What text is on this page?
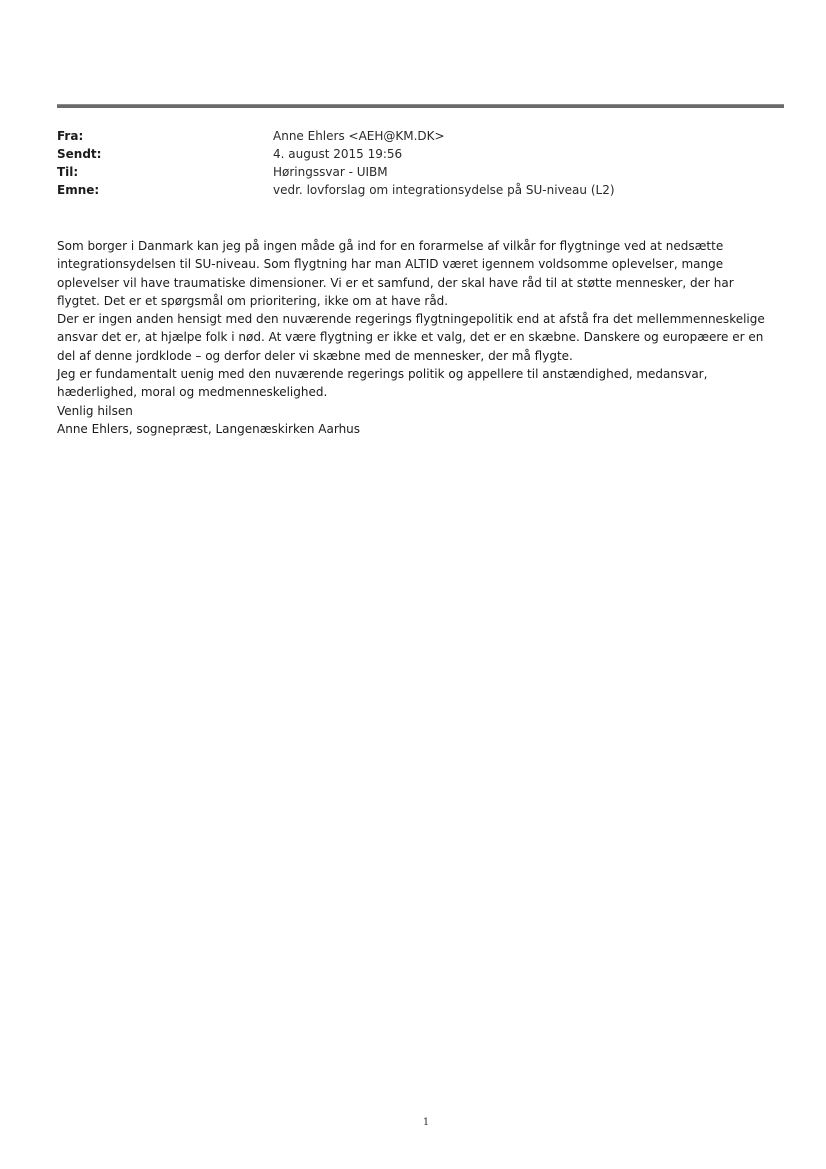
Fra:	Anne Ehlers <AEH@KM.DK>
Sendt:	4. august 2015 19:56
Til:	Høringssvar - UIBM
Emne:	vedr. lovforslag om integrationsydelse på SU-niveau (L2)

Som borger i Danmark kan jeg på ingen måde gå ind for en forarmelse af vilkår for flygtninge ved at nedsætte
integrationsydelsen til SU-niveau. Som flygtning har man ALTID været igennem voldsomme oplevelser, mange
oplevelser vil have traumatiske dimensioner. Vi er et samfund, der skal have råd til at støtte mennesker, der har
flygtet. Det er et spørgsmål om prioritering, ikke om at have råd.

Der er ingen anden hensigt med den nuværende regerings flygtningepolitik end at afstå fra det mellemmenneskelige
ansvar det er, at hjælpe folk i nød. At være flygtning er ikke et valg, det er en skæbne. Danskere og europæere er en
del af denne jordklode – og derfor deler vi skæbne med de mennesker, der må flygte.

Jeg er fundamentalt uenig med den nuværende regerings politik og appellere til anstændighed, medansvar,
hæderlighed, moral og medmenneskelighed.

Venlig hilsen

Anne Ehlers, sognepræst, Langenæskirken Aarhus

1
